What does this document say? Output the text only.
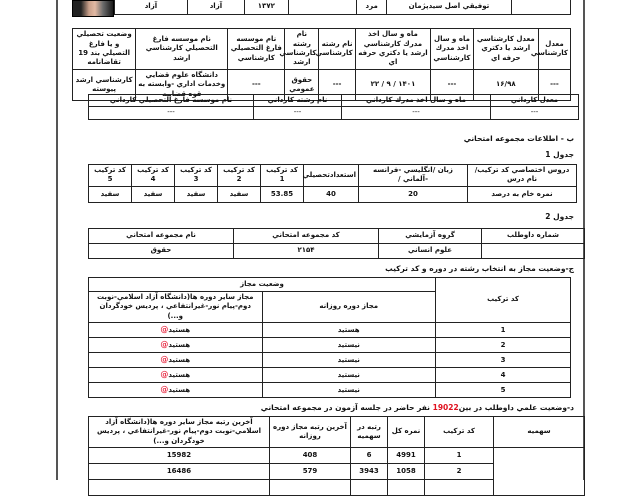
	توفيقي اصل سيدپژمان	مرد		۱۳۷۲	آزاد	آزاد
معدل كارشناسي	معدل كارشناسي ارشد يا دكتري حرفه اي	ماه و سال اخذ مدرك كارشناسي	ماه و سال اخذ مدرك كارشناسي ارشد يا دكتري حرفه اي	نام رشته كارشناسي	نام رشته كارشناسي ارشد	نام موسسه فارغ التحصيلي كارشناسي	نام موسسه فارغ التحصيلي كارشناسي ارشد	وضعيت تحصيلي و يا فارغ التصيلي بند 19 تقاضانامه
---	۱۶/۹۸	---	۱۴۰۱ / ۹ / ۲۲	---	حقوق عمومي	---	دانشگاه علوم قضايي وخدمات اداري -وابسته به قوه قضاييه	كارشناسي ارشد پيوسته
معدل كارداني	ماه و سال اخذ مدرك كارداني	نام رشته كارداني	نام موسسه فارغ التحصيلي كارداني
---	---	---	---
ب - اطلاعات مجموعه امتحاني
جدول 1
دروس اختصاصي كد تركيب/نام درس	زبان /انگليسي -فرانسه -آلماني /	استعدادتحصيلي	كد تركيب 1	كد تركيب 2	كد تركيب 3	كد تركيب 4	كد تركيب 5
نمره خام به درصد	20	40	53.85	سفيد	سفيد	سفيد	سفيد
جدول 2
شماره داوطلب	گروه آزمايشي	كد مجموعه امتحاني	نام مجموعه امتحاني
	علوم انساني	۲۱۵۴	حقوق
ج-وضعيت مجاز به انتخاب رشته در دوره و كد تركيب
كد تركيب	وضعيت مجاز	
	مجاز دوره روزانه	مجاز ساير دوره ها(دانشگاه آزاد اسلامي-نوبت دوم-پيام نور-غيرانتفاعي ، پرديس خودگردان و...)
1	هستيد	هستيد@
2	نيستيد	هستيد@
3	نيستيد	هستيد@
4	نيستيد	هستيد@
5	نيستيد	هستيد@
د-وضعيت علمي داوطلب در بين19022 نفر حاضر در جلسه آزمون در مجموعه امتحاني
سهميه	كد تركيب	نمره كل	رتبه در سهميه	آخرين رتبه مجاز دوره روزانه	آخرين رتبه مجاز ساير دوره ها(دانشگاه آزاد اسلامي-نوبت دوم-پيام نور-غيرانتفاعي ، پرديس خودگردان و...)
	1	4991	6	408	15982
	2	1058	3943	579	16486
